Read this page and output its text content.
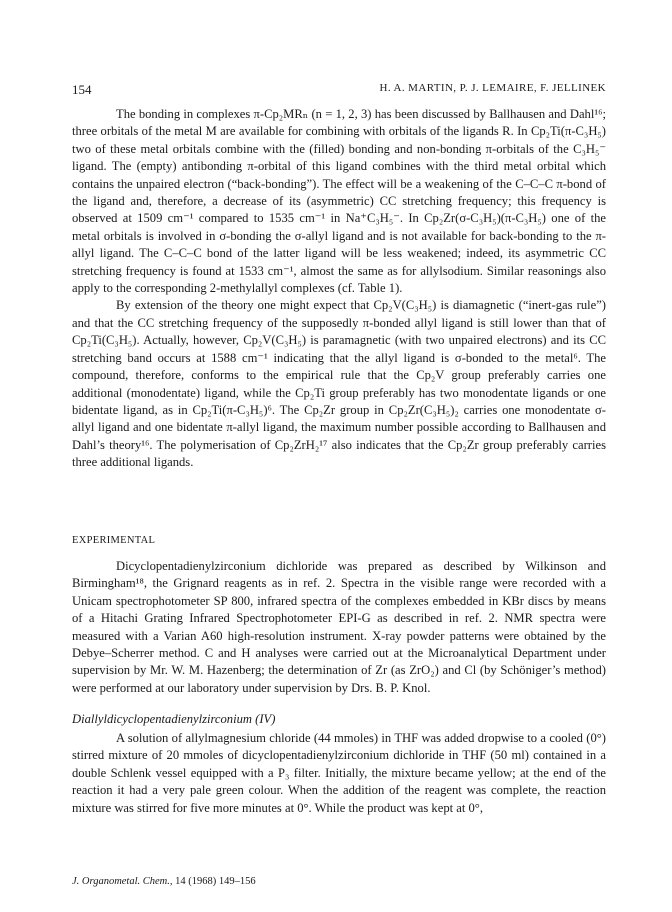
154	H. A. MARTIN, P. J. LEMAIRE, F. JELLINEK

The bonding in complexes π-Cp₂MRₙ (n = 1, 2, 3) has been discussed by Ballhausen and Dahl¹⁶; three orbitals of the metal M are available for combining with orbitals of the ligands R. In Cp₂Ti(π-C₃H₅) two of these metal orbitals combine with the (filled) bonding and non-bonding π-orbitals of the C₃H₅⁻ ligand. The (empty) antibonding π-orbital of this ligand combines with the third metal orbital which contains the unpaired electron (“back-bonding”). The effect will be a weakening of the C–C–C π-bond of the ligand and, therefore, a decrease of its (asymmetric) CC stretching frequency; this frequency is observed at 1509 cm⁻¹ compared to 1535 cm⁻¹ in Na⁺C₃H₅⁻. In Cp₂Zr(σ-C₃H₅)(π-C₃H₅) one of the metal orbitals is involved in σ-bonding the σ-allyl ligand and is not available for back-bonding to the π-allyl ligand. The C–C–C bond of the latter ligand will be less weakened; indeed, its asymmetric CC stretching frequency is found at 1533 cm⁻¹, almost the same as for allylsodium. Similar reasonings also apply to the corresponding 2-methylallyl complexes (cf. Table 1).

By extension of the theory one might expect that Cp₂V(C₃H₅) is diamagnetic (“inert-gas rule”) and that the CC stretching frequency of the supposedly π-bonded allyl ligand is still lower than that of Cp₂Ti(C₃H₅). Actually, however, Cp₂V(C₃H₅) is paramagnetic (with two unpaired electrons) and its CC stretching band occurs at 1588 cm⁻¹ indicating that the allyl ligand is σ-bonded to the metal⁶. The compound, therefore, conforms to the empirical rule that the Cp₂V group preferably carries one additional (monodentate) ligand, while the Cp₂Ti group preferably has two monodentate ligands or one bidentate ligand, as in Cp₂Ti(π-C₃H₅)⁶. The Cp₂Zr group in Cp₂Zr(C₃H₅)₂ carries one monodentate σ-allyl ligand and one bidentate π-allyl ligand, the maximum number possible according to Ballhausen and Dahl’s theory¹⁶. The polymerisation of Cp₂ZrH₂¹⁷ also indicates that the Cp₂Zr group preferably carries three additional ligands.

EXPERIMENTAL

Dicyclopentadienylzirconium dichloride was prepared as described by Wilkinson and Birmingham¹⁸, the Grignard reagents as in ref. 2. Spectra in the visible range were recorded with a Unicam spectrophotometer SP 800, infrared spectra of the complexes embedded in KBr discs by means of a Hitachi Grating Infrared Spectrophotometer EPI-G as described in ref. 2. NMR spectra were measured with a Varian A60 high-resolution instrument. X-ray powder patterns were obtained by the Debye–Scherrer method. C and H analyses were carried out at the Microanalytical Department under supervision by Mr. W. M. Hazenberg; the determination of Zr (as ZrO₂) and Cl (by Schöniger’s method) were performed at our laboratory under supervision by Drs. B. P. Knol.

Diallyldicyclopentadienylzirconium (IV)

A solution of allylmagnesium chloride (44 mmoles) in THF was added dropwise to a cooled (0°) stirred mixture of 20 mmoles of dicyclopentadienylzirconium dichloride in THF (50 ml) contained in a double Schlenk vessel equipped with a P₃ filter. Initially, the mixture became yellow; at the end of the reaction it had a very pale green colour. When the addition of the reagent was complete, the reaction mixture was stirred for five more minutes at 0°. While the product was kept at 0°,

J. Organometal. Chem., 14 (1968) 149–156
